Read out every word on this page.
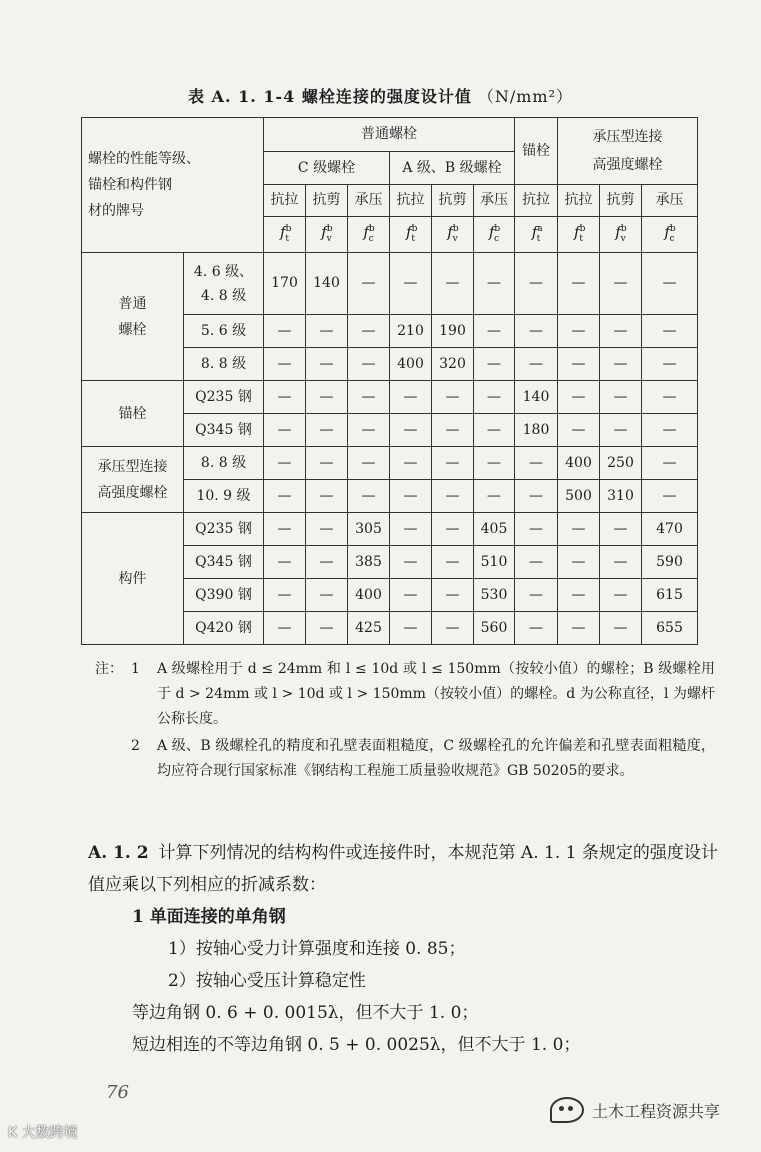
表 A. 1. 1-4 螺栓连接的强度设计值 （N/mm²）
螺栓的性能等级、
锚栓和构件钢
材的牌号		普通螺栓						锚栓	承压型连接
高强度螺栓		
		C 级螺栓			A 级、B 级螺栓						
		抗拉	抗剪	承压	抗拉	抗剪	承压	抗拉	抗拉	抗剪	承压
		$f^b_t$	$f^b_v$	$f^b_c$	$f^b_t$	$f^b_v$	$f^b_c$	$f^a_t$	$f^b_t$	$f^b_v$	$f^b_c$
普通
螺栓	4. 6 级、
4. 8 级	170	140	—	—	—	—	—	—	—	—
	5. 6 级	—	—	—	210	190	—	—	—	—	—
	8. 8 级	—	—	—	400	320	—	—	—	—	—
锚栓	Q235 钢	—	—	—	—	—	—	140	—	—	—
	Q345 钢	—	—	—	—	—	—	180	—	—	—
承压型连接
高强度螺栓	8. 8 级	—	—	—	—	—	—	—	400	250	—
	10. 9 级	—	—	—	—	—	—	—	500	310	—
构件	Q235 钢	—	—	305	—	—	405	—	—	—	470
	Q345 钢	—	—	385	—	—	510	—	—	—	590
	Q390 钢	—	—	400	—	—	530	—	—	—	615
	Q420 钢	—	—	425	—	—	560	—	—	—	655
注： 1	A 级螺栓用于 d ≤ 24mm 和 l ≤ 10d 或 l ≤ 150mm（按较小值）的螺栓；B 级螺栓用于 d > 24mm 或 l > 10d 或 l > 150mm（按较小值）的螺栓。d 为公称直径，l 为螺杆公称长度。
2	A 级、B 级螺栓孔的精度和孔壁表面粗糙度，C 级螺栓孔的允许偏差和孔壁表面粗糙度，均应符合现行国家标准《钢结构工程施工质量验收规范》GB 50205的要求。

A. 1. 2 计算下列情况的结构构件或连接件时，本规范第 A. 1. 1 条规定的强度设计值应乘以下列相应的折减系数：

1 单面连接的单角钢

1）按轴心受力计算强度和连接 0. 85；

2）按轴心受压计算稳定性

等边角钢 0. 6 + 0. 0015λ，但不大于 1. 0；

短边相连的不等边角钢 0. 5 + 0. 0025λ，但不大于 1. 0；

76
K 大数跨境
土木工程资源共享
